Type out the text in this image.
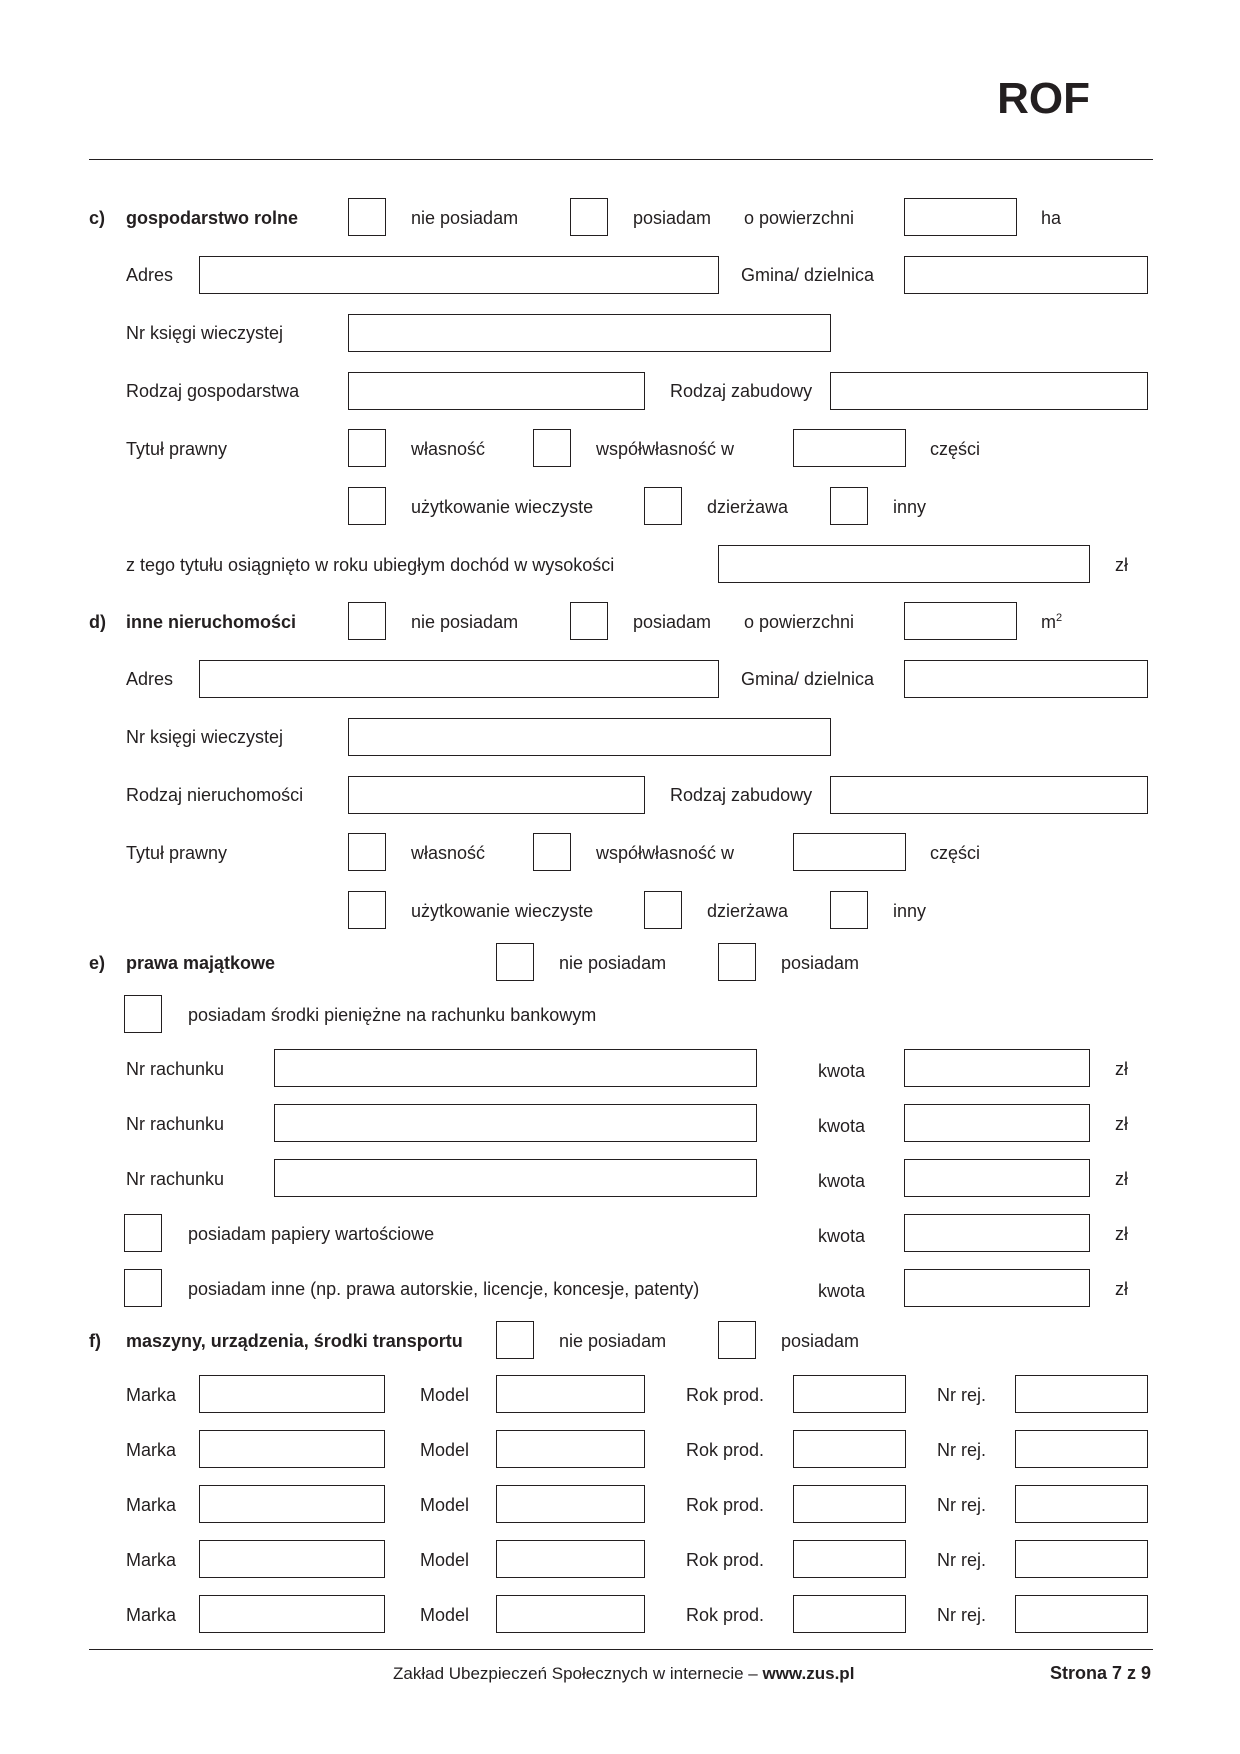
ROF
c) gospodarstwo rolne	nie posiadam	posiadam o powierzchni	ha
Adres	Gmina/ dzielnica
Nr księgi wieczystej
Rodzaj gospodarstwa	Rodzaj zabudowy
Tytuł prawny	własność	współwłasność w	części
użytkowanie wieczyste	dzierżawa	inny
z tego tytułu osiągnięto w roku ubiegłym dochód w wysokości	zł
d) inne nieruchomości	nie posiadam	posiadam o powierzchni	$m^2$
Adres	Gmina/ dzielnica
Nr księgi wieczystej
Rodzaj nieruchomości	Rodzaj zabudowy
Tytuł prawny	własność	współwłasność w	części
użytkowanie wieczyste	dzierżawa	inny
e) prawa majątkowe	nie posiadam	posiadam
posiadam środki pieniężne na rachunku bankowym
Nr rachunku	kwota	zł
Nr rachunku	kwota	zł
Nr rachunku	kwota	zł
posiadam papiery wartościowe	kwota	zł
posiadam inne (np. prawa autorskie, licencje, koncesje, patenty)	kwota	zł
f) maszyny, urządzenia, środki transportu	nie posiadam	posiadam
Marka	Model	Rok prod.	Nr rej.
Marka	Model	Rok prod.	Nr rej.
Marka	Model	Rok prod.	Nr rej.
Marka	Model	Rok prod.	Nr rej.
Marka	Model	Rok prod.	Nr rej.
Zakład Ubezpieczeń Społecznych w internecie – www.zus.pl	Strona 7 z 9
